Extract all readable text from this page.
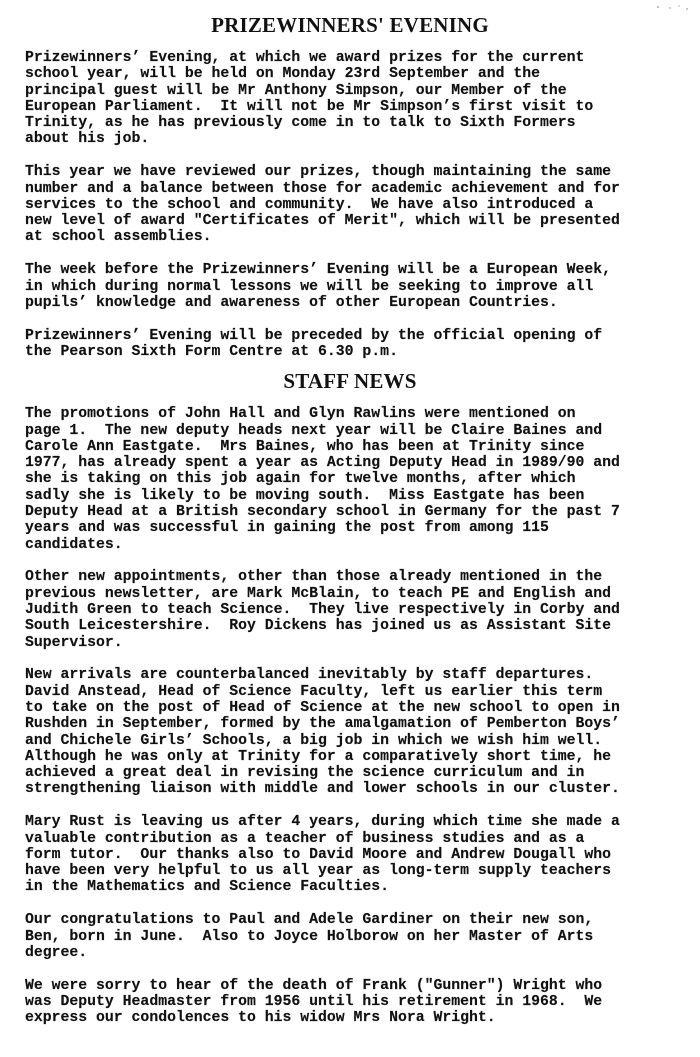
PRIZEWINNERS' EVENING

Prizewinners’ Evening, at which we award prizes for the current
school year, will be held on Monday 23rd September and the
principal guest will be Mr Anthony Simpson, our Member of the
European Parliament.  It will not be Mr Simpson’s first visit to
Trinity, as he has previously come in to talk to Sixth Formers
about his job.

This year we have reviewed our prizes, though maintaining the same
number and a balance between those for academic achievement and for
services to the school and community.  We have also introduced a
new level of award "Certificates of Merit", which will be presented
at school assemblies.

The week before the Prizewinners’ Evening will be a European Week,
in which during normal lessons we will be seeking to improve all
pupils’ knowledge and awareness of other European Countries.

Prizewinners’ Evening will be preceded by the official opening of
the Pearson Sixth Form Centre at 6.30 p.m.

STAFF NEWS

The promotions of John Hall and Glyn Rawlins were mentioned on
page 1.  The new deputy heads next year will be Claire Baines and
Carole Ann Eastgate.  Mrs Baines, who has been at Trinity since
1977, has already spent a year as Acting Deputy Head in 1989/90 and
she is taking on this job again for twelve months, after which
sadly she is likely to be moving south.  Miss Eastgate has been
Deputy Head at a British secondary school in Germany for the past 7
years and was successful in gaining the post from among 115
candidates.

Other new appointments, other than those already mentioned in the
previous newsletter, are Mark McBlain, to teach PE and English and
Judith Green to teach Science.  They live respectively in Corby and
South Leicestershire.  Roy Dickens has joined us as Assistant Site
Supervisor.

New arrivals are counterbalanced inevitably by staff departures.
David Anstead, Head of Science Faculty, left us earlier this term
to take on the post of Head of Science at the new school to open in
Rushden in September, formed by the amalgamation of Pemberton Boys’
and Chichele Girls’ Schools, a big job in which we wish him well.
Although he was only at Trinity for a comparatively short time, he
achieved a great deal in revising the science curriculum and in
strengthening liaison with middle and lower schools in our cluster.

Mary Rust is leaving us after 4 years, during which time she made a
valuable contribution as a teacher of business studies and as a
form tutor.  Our thanks also to David Moore and Andrew Dougall who
have been very helpful to us all year as long-term supply teachers
in the Mathematics and Science Faculties.

Our congratulations to Paul and Adele Gardiner on their new son,
Ben, born in June.  Also to Joyce Holborow on her Master of Arts
degree.

We were sorry to hear of the death of Frank ("Gunner") Wright who
was Deputy Headmaster from 1956 until his retirement in 1968.  We
express our condolences to his widow Mrs Nora Wright.
